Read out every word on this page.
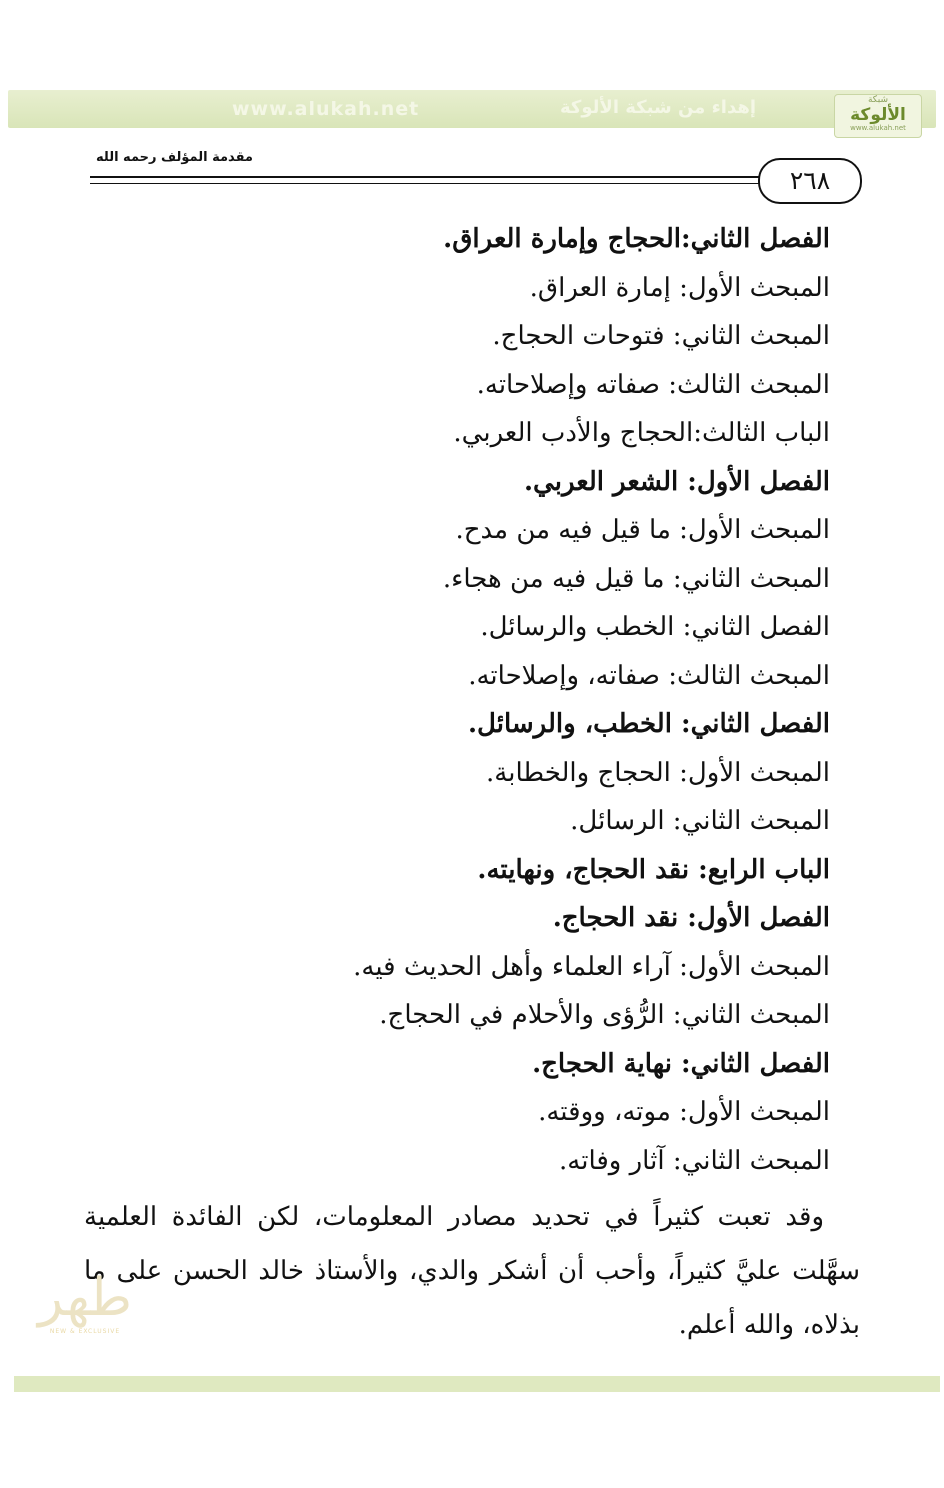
www.alukah.net	إهداء من شبكة الألوكة	شبكة
الألوكة
www.alukah.net
مقدمة المؤلف رحمه الله
٢٦٨
الفصل الثاني:الحجاج وإمارة العراق.
المبحث الأول: إمارة العراق.
المبحث الثاني: فتوحات الحجاج.
المبحث الثالث: صفاته وإصلاحاته.
الباب الثالث:الحجاج والأدب العربي.
الفصل الأول: الشعر العربي.
المبحث الأول: ما قيل فيه من مدح.
المبحث الثاني: ما قيل فيه من هجاء.
الفصل الثاني: الخطب والرسائل.
المبحث الثالث: صفاته، وإصلاحاته.
الفصل الثاني: الخطب، والرسائل.
المبحث الأول: الحجاج والخطابة.
المبحث الثاني: الرسائل.
الباب الرابع: نقد الحجاج، ونهايته.
الفصل الأول: نقد الحجاج.
المبحث الأول: آراء العلماء وأهل الحديث فيه.
المبحث الثاني: الرُّؤى والأحلام في الحجاج.
الفصل الثاني: نهاية الحجاج.
المبحث الأول: موته، ووقته.
المبحث الثاني: آثار وفاته.
وقد تعبت كثيراً في تحديد مصادر المعلومات، لكن الفائدة العلمية سهَّلت عليَّ كثيراً، وأحب أن أشكر والدي، والأستاذ خالد الحسن على ما بذلاه، والله أعلم.
طهر
NEW & EXCLUSIVE
